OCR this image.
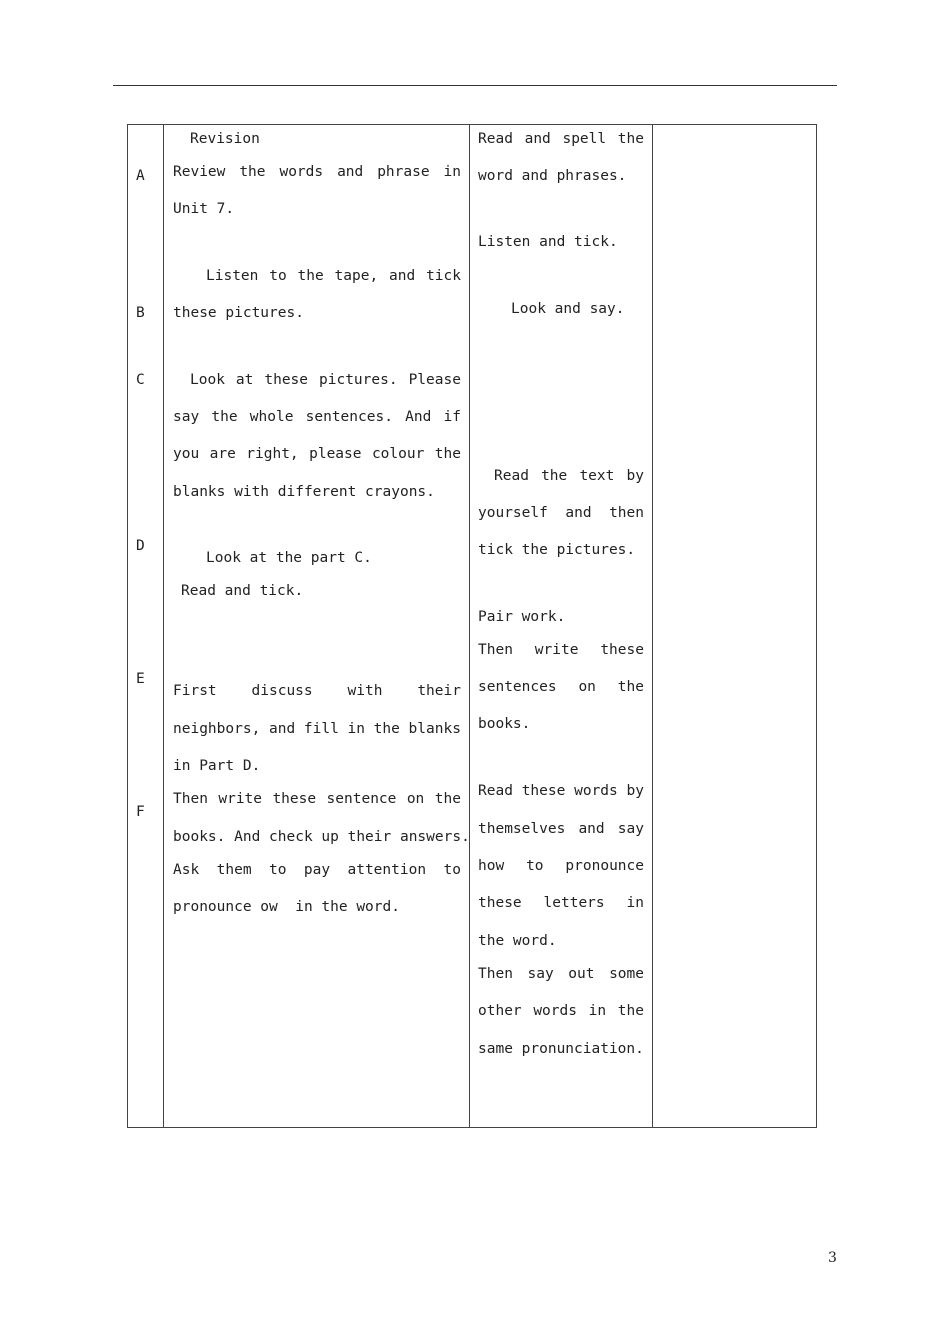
A
B
C
D
E
F
Revision
Review the words and phrase in
Unit 7.
Listen to the tape, and tick
these pictures.
Look at these pictures. Please
say the whole sentences. And if
you are right, please colour the
blanks with different crayons.
Look at the part C.
Read and tick.
First discuss with their
neighbors, and fill in the blanks
in Part D.
Then write these sentence on the
books. And check up their answers.
Ask them to pay attention to
pronounce ow  in the word.
Read and spell the
word and phrases.
Listen and tick.
Look and say.
Read the text by
yourself and then
tick the pictures.
Pair work.
Then write these
sentences on the
books.
Read these words by
themselves and say
how to pronounce
these letters in
the word.
Then say out some
other words in the
same pronunciation.
3
